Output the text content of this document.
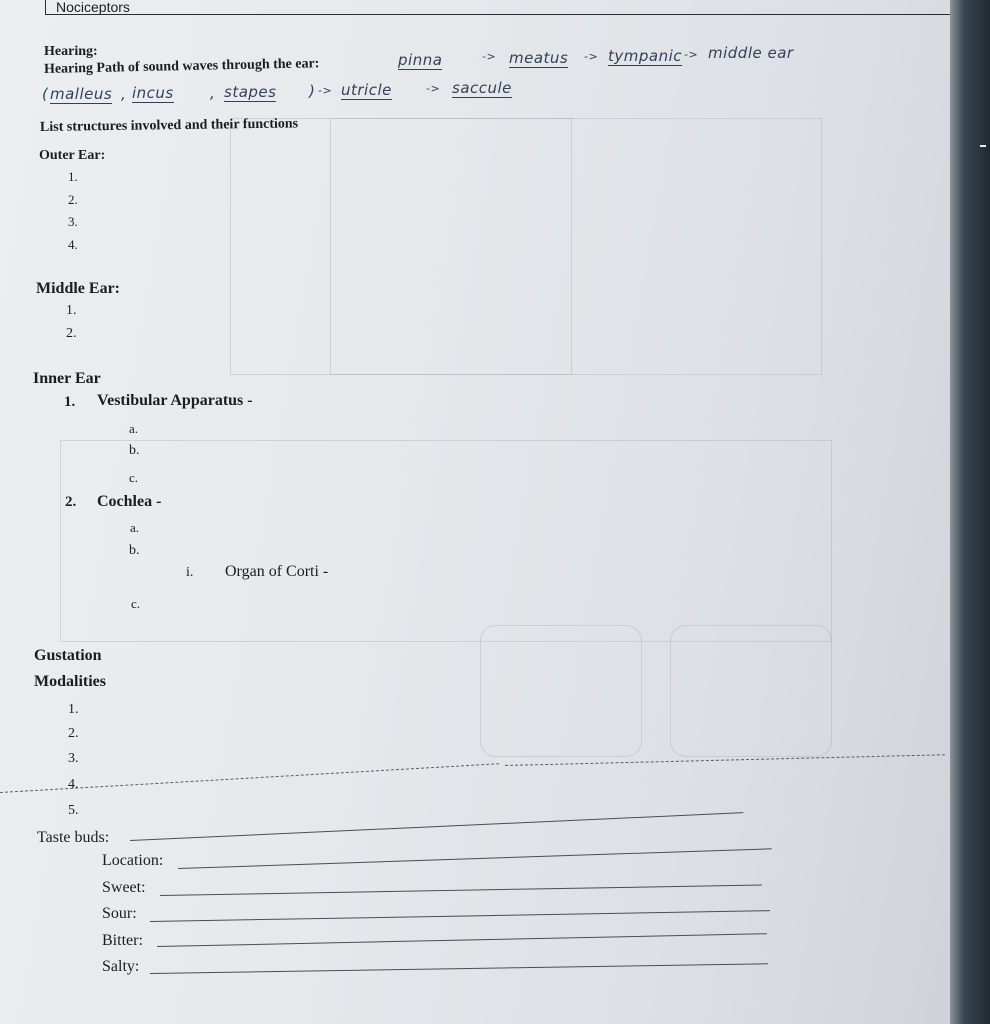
Nociceptors
Hearing:
Hearing Path of sound waves through the ear:	pinna	-> meatus -> tympanic -> middle ear
( malleus , incus , stapes ) -> utricle	-> saccule
List structures involved and their functions
Outer Ear:
1.
2.
3.
4.
Middle Ear:
1.
2.
Inner Ear
1. Vestibular Apparatus -
a.
b.
c.
2. Cochlea -
a.
b.
i. Organ of Corti -
c.
Gustation
Modalities
1.
2.
3.
4.
5.
Taste buds:
Location:
Sweet:
Sour:
Bitter:
Salty:
